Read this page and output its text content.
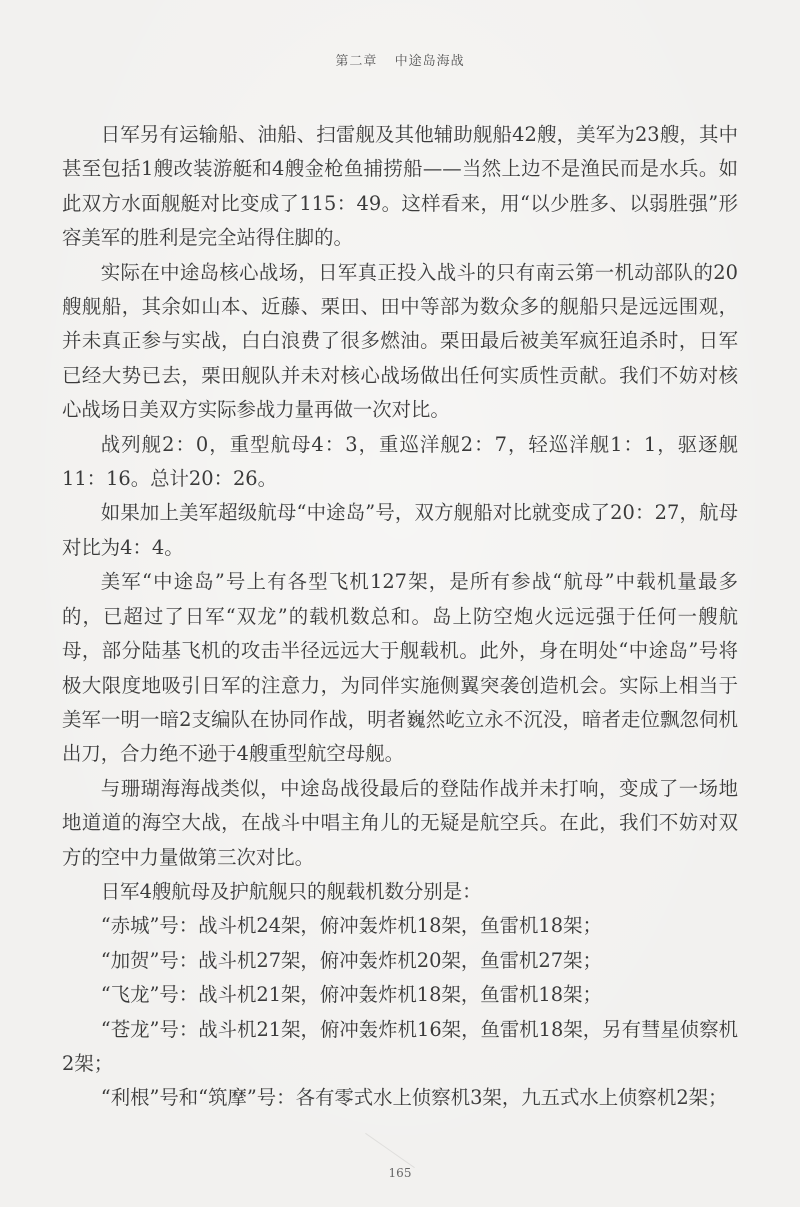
第二章 中途岛海战

日军另有运输船、油船、扫雷舰及其他辅助舰船42艘，美军为23艘，其中甚至包括1艘改装游艇和4艘金枪鱼捕捞船——当然上边不是渔民而是水兵。如此双方水面舰艇对比变成了115：49。这样看来，用“以少胜多、以弱胜强”形容美军的胜利是完全站得住脚的。

实际在中途岛核心战场，日军真正投入战斗的只有南云第一机动部队的20艘舰船，其余如山本、近藤、栗田、田中等部为数众多的舰船只是远远围观，并未真正参与实战，白白浪费了很多燃油。栗田最后被美军疯狂追杀时，日军已经大势已去，栗田舰队并未对核心战场做出任何实质性贡献。我们不妨对核心战场日美双方实际参战力量再做一次对比。

战列舰2：0，重型航母4：3，重巡洋舰2：7，轻巡洋舰1：1，驱逐舰11：16。总计20：26。

如果加上美军超级航母“中途岛”号，双方舰船对比就变成了20：27，航母对比为4：4。

美军“中途岛”号上有各型飞机127架，是所有参战“航母”中载机量最多的，已超过了日军“双龙”的载机数总和。岛上防空炮火远远强于任何一艘航母，部分陆基飞机的攻击半径远远大于舰载机。此外，身在明处“中途岛”号将极大限度地吸引日军的注意力，为同伴实施侧翼突袭创造机会。实际上相当于美军一明一暗2支编队在协同作战，明者巍然屹立永不沉没，暗者走位飘忽伺机出刀，合力绝不逊于4艘重型航空母舰。

与珊瑚海海战类似，中途岛战役最后的登陆作战并未打响，变成了一场地地道道的海空大战，在战斗中唱主角儿的无疑是航空兵。在此，我们不妨对双方的空中力量做第三次对比。

日军4艘航母及护航舰只的舰载机数分别是：

“赤城”号：战斗机24架，俯冲轰炸机18架，鱼雷机18架；

“加贺”号：战斗机27架，俯冲轰炸机20架，鱼雷机27架；

“飞龙”号：战斗机21架，俯冲轰炸机18架，鱼雷机18架；

“苍龙”号：战斗机21架，俯冲轰炸机16架，鱼雷机18架，另有彗星侦察机2架；

“利根”号和“筑摩”号：各有零式水上侦察机3架，九五式水上侦察机2架；

165
